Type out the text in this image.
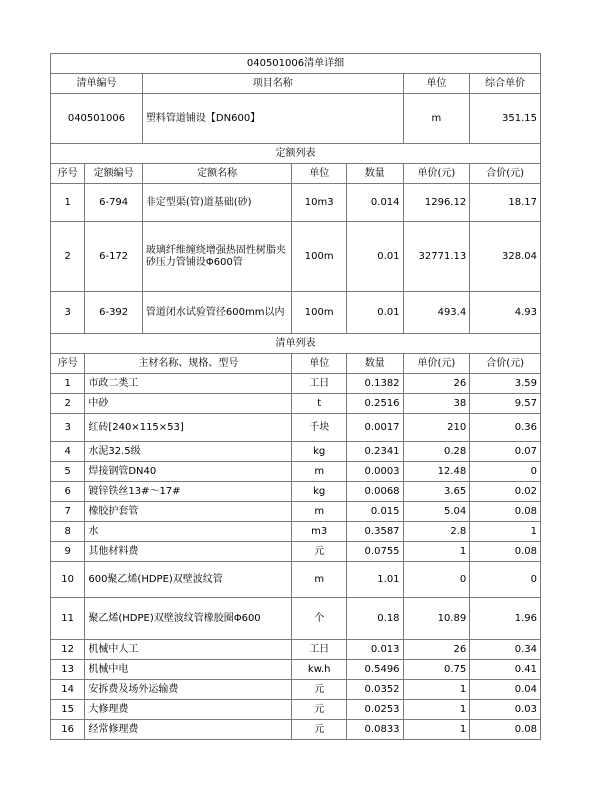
040501006清单详细						
清单编号		项目名称			单位	综合单价
040501006		塑料管道铺设【DN600】			m	351.15
定额列表						
序号	定额编号	定额名称	单位	数量	单价(元)	合价(元)
1	6-794	非定型渠(管)道基础(砂)	10m3	0.014	1296.12	18.17
2	6-172	玻璃纤维缠绕增强热固性树脂夹砂压力管铺设Φ600管	100m	0.01	32771.13	328.04
3	6-392	管道闭水试验管径600mm以内	100m	0.01	493.4	4.93
清单列表						
序号	主材名称、规格、型号		单位	数量	单价(元)	合价(元)
1	市政二类工		工日	0.1382	26	3.59
2	中砂		t	0.2516	38	9.57
3	红砖[240×115×53]		千块	0.0017	210	0.36
4	水泥32.5级		kg	0.2341	0.28	0.07
5	焊接钢管DN40		m	0.0003	12.48	0
6	镀锌铁丝13#～17#		kg	0.0068	3.65	0.02
7	橡胶护套管		m	0.015	5.04	0.08
8	水		m3	0.3587	2.8	1
9	其他材料费		元	0.0755	1	0.08
10	600聚乙烯(HDPE)双壁波纹管		m	1.01	0	0
11	聚乙烯(HDPE)双壁波纹管橡胶圈Φ600		个	0.18	10.89	1.96
12	机械中人工		工日	0.013	26	0.34
13	机械中电		kw.h	0.5496	0.75	0.41
14	安拆费及场外运输费		元	0.0352	1	0.04
15	大修理费		元	0.0253	1	0.03
16	经常修理费		元	0.0833	1	0.08
